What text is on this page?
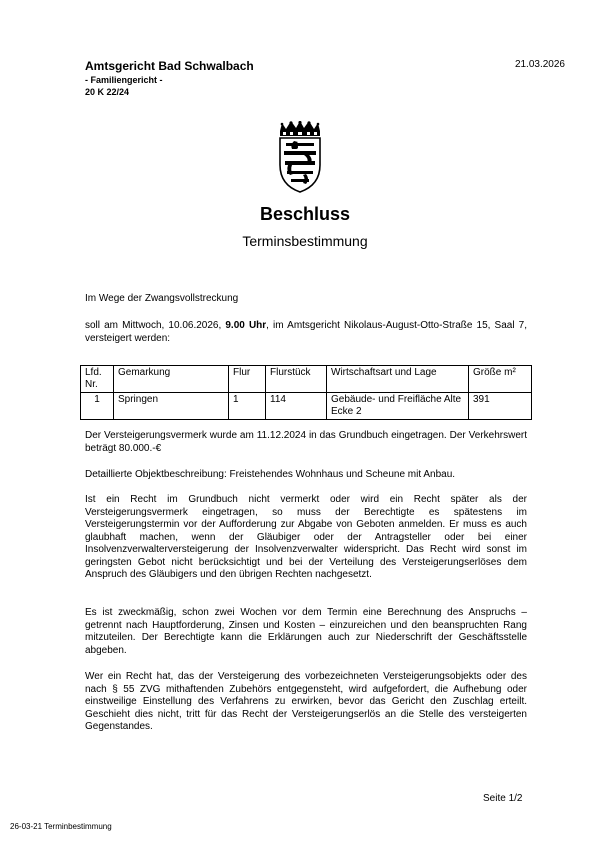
Amtsgericht Bad Schwalbach
- Familiengericht -
20 K 22/24
21.03.2026
Beschluss
Terminsbestimmung
Im Wege der Zwangsvollstreckung
soll am Mittwoch, 10.06.2026, 9.00 Uhr, im Amtsgericht Nikolaus-August-Otto-Straße 15, Saal 7, versteigert werden:
Lfd. Nr.	Gemarkung	Flur	Flurstück	Wirtschaftsart und Lage	Größe m²
1	Springen	1	114	Gebäude- und Freifläche Alte Ecke 2	391
Der Versteigerungsvermerk wurde am 11.12.2024 in das Grundbuch eingetragen. Der Verkehrswert beträgt 80.000.-€
Detaillierte Objektbeschreibung: Freistehendes Wohnhaus und Scheune mit Anbau.
Ist ein Recht im Grundbuch nicht vermerkt oder wird ein Recht später als der Versteigerungsvermerk eingetragen, so muss der Berechtigte es spätestens im Versteigerungstermin vor der Aufforderung zur Abgabe von Geboten anmelden. Er muss es auch glaubhaft machen, wenn der Gläubiger oder der Antragsteller oder bei einer Insolvenzverwalterversteigerung der Insolvenzverwalter widerspricht. Das Recht wird sonst im geringsten Gebot nicht berücksichtigt und bei der Verteilung des Versteigerungserlöses dem Anspruch des Gläubigers und den übrigen Rechten nachgesetzt.
Es ist zweckmäßig, schon zwei Wochen vor dem Termin eine Berechnung des Anspruchs – getrennt nach Hauptforderung, Zinsen und Kosten – einzureichen und den beanspruchten Rang mitzuteilen. Der Berechtigte kann die Erklärungen auch zur Niederschrift der Geschäftsstelle abgeben.
Wer ein Recht hat, das der Versteigerung des vorbezeichneten Versteigerungsobjekts oder des nach § 55 ZVG mithaftenden Zubehörs entgegensteht, wird aufgefordert, die Aufhebung oder einstweilige Einstellung des Verfahrens zu erwirken, bevor das Gericht den Zuschlag erteilt. Geschieht dies nicht, tritt für das Recht der Versteigerungserlös an die Stelle des versteigerten Gegenstandes.
Seite 1/2
26-03-21 Terminbestimmung
